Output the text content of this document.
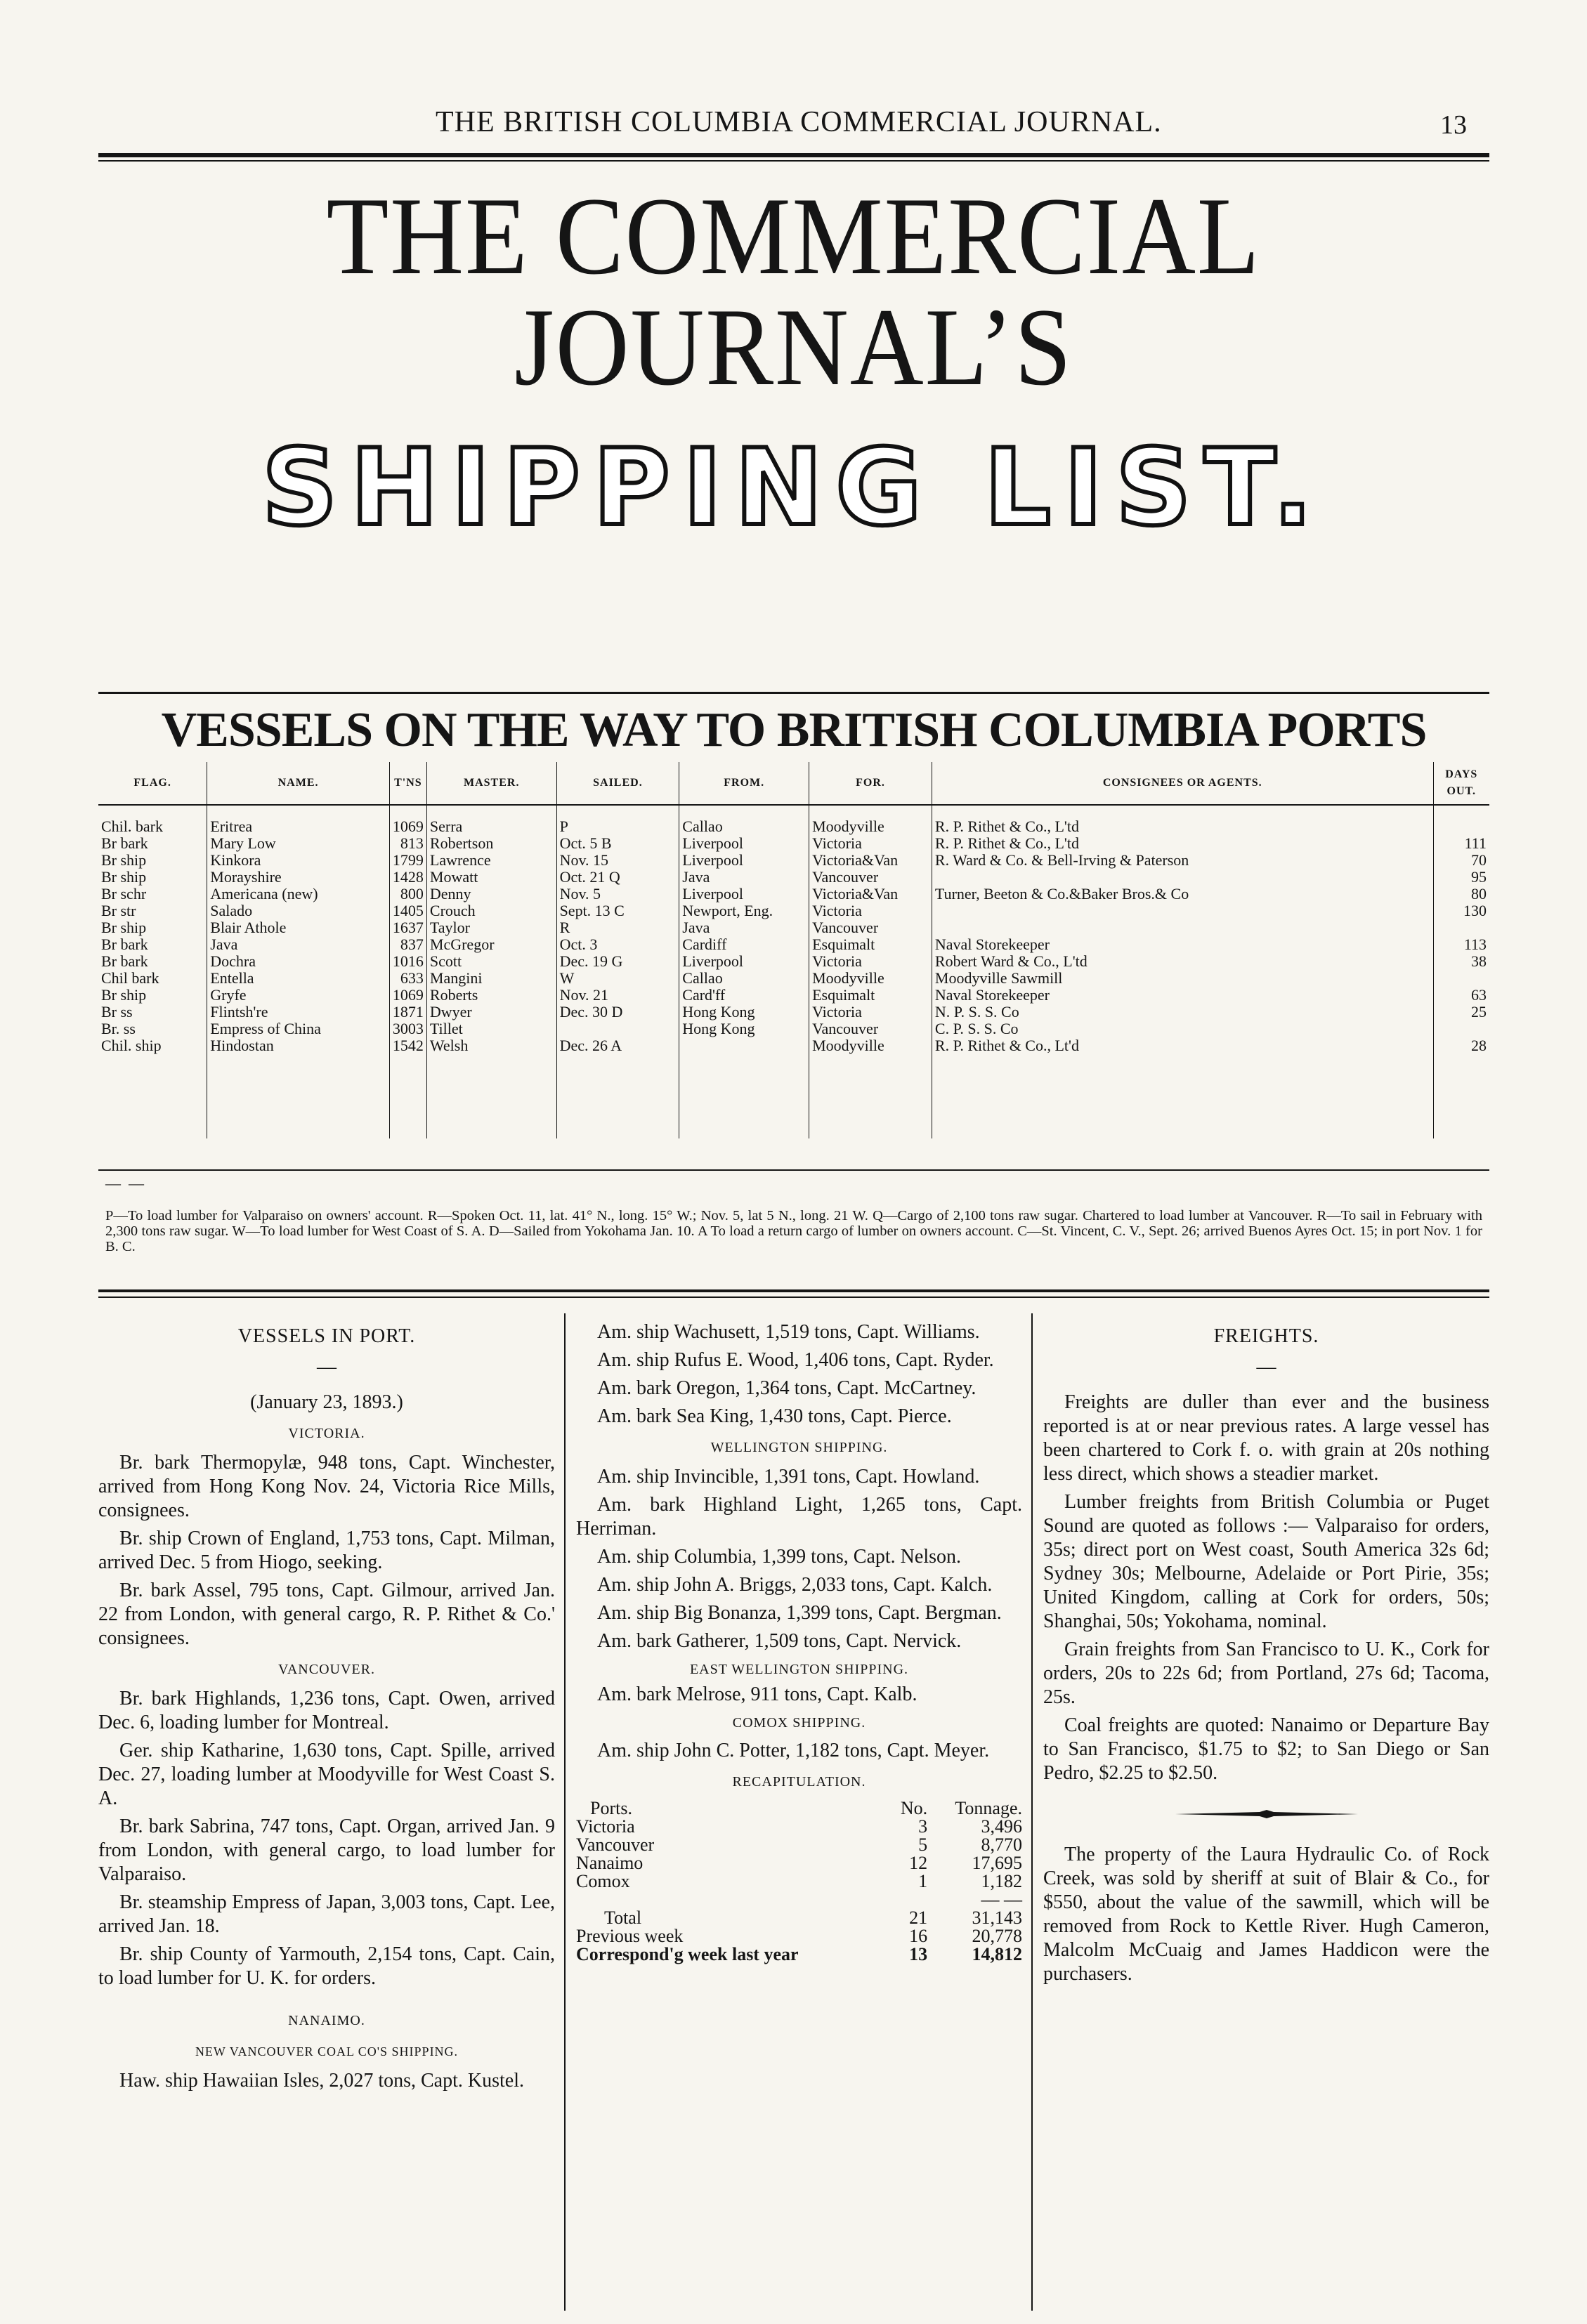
THE BRITISH COLUMBIA COMMERCIAL JOURNAL.	13
THE COMMERCIAL JOURNAL’S
SHIPPING LIST.
VESSELS ON THE WAY TO BRITISH COLUMBIA PORTS
FLAG.	NAME.	T'NS	MASTER.	SAILED.	FROM.	FOR.	CONSIGNEES OR AGENTS.	DAYS OUT.
Chil. bark	Eritrea	1069	Serra	P	Callao	Moodyville	R. P. Rithet & Co., L'td	
Br bark	Mary Low	813	Robertson	Oct. 5 B	Liverpool	Victoria	R. P. Rithet & Co., L'td	111
Br ship	Kinkora	1799	Lawrence	Nov. 15	Liverpool	Victoria&Van	R. Ward & Co. & Bell-Irving & Paterson	70
Br ship	Morayshire	1428	Mowatt	Oct. 21 Q	Java	Vancouver		95
Br schr	Americana (new)	800	Denny	Nov. 5	Liverpool	Victoria&Van	Turner, Beeton & Co.&Baker Bros.& Co	80
Br str	Salado	1405	Crouch	Sept. 13 C	Newport, Eng.	Victoria		130
Br ship	Blair Athole	1637	Taylor	R	Java	Vancouver		
Br bark	Java	837	McGregor	Oct. 3	Cardiff	Esquimalt	Naval Storekeeper	113
Br bark	Dochra	1016	Scott	Dec. 19 G	Liverpool	Victoria	Robert Ward & Co., L'td	38
Chil bark	Entella	633	Mangini	W	Callao	Moodyville	Moodyville Sawmill	
Br ship	Gryfe	1069	Roberts	Nov. 21	Card'ff	Esquimalt	Naval Storekeeper	63
Br ss	Flintsh're	1871	Dwyer	Dec. 30 D	Hong Kong	Victoria	N. P. S. S. Co	25
Br. ss	Empress of China	3003	Tillet		Hong Kong	Vancouver	C. P. S. S. Co	
Chil. ship	Hindostan	1542	Welsh	Dec. 26 A		Moodyville	R. P. Rithet & Co., Lt'd	28

—  —
P—To load lumber for Valparaiso on owners' account. R—Spoken Oct. 11, lat. 41° N., long. 15° W.; Nov. 5, lat 5 N., long. 21 W. Q—Cargo of 2,100 tons raw sugar. Chartered to load lumber at Vancouver. R—To sail in February with 2,300 tons raw sugar. W—To load lumber for West Coast of S. A. D—Sailed from Yokohama Jan. 10. A To load a return cargo of lumber on owners account. C—St. Vincent, C. V., Sept. 26; arrived Buenos Ayres Oct. 15; in port Nov. 1 for B. C.

VESSELS IN PORT.

—

(January 23, 1893.)

VICTORIA.

Br. bark Thermopylæ, 948 tons, Capt. Winchester, arrived from Hong Kong Nov. 24, Victoria Rice Mills, consignees.

Br. ship Crown of England, 1,753 tons, Capt. Milman, arrived Dec. 5 from Hiogo, seeking.

Br. bark Assel, 795 tons, Capt. Gilmour, arrived Jan. 22 from London, with general cargo, R. P. Rithet & Co.' consignees.

VANCOUVER.

Br. bark Highlands, 1,236 tons, Capt. Owen, arrived Dec. 6, loading lumber for Montreal.

Ger. ship Katharine, 1,630 tons, Capt. Spille, arrived Dec. 27, loading lumber at Moodyville for West Coast S. A.

Br. bark Sabrina, 747 tons, Capt. Organ, arrived Jan. 9 from London, with general cargo, to load lumber for Valparaiso.

Br. steamship Empress of Japan, 3,003 tons, Capt. Lee, arrived Jan. 18.

Br. ship County of Yarmouth, 2,154 tons, Capt. Cain, to load lumber for U. K. for orders.

NANAIMO.

NEW VANCOUVER COAL CO'S SHIPPING.

Haw. ship Hawaiian Isles, 2,027 tons, Capt. Kustel.

Am. ship Wachusett, 1,519 tons, Capt. Williams.

Am. ship Rufus E. Wood, 1,406 tons, Capt. Ryder.

Am. bark Oregon, 1,364 tons, Capt. McCartney.

Am. bark Sea King, 1,430 tons, Capt. Pierce.

WELLINGTON SHIPPING.

Am. ship Invincible, 1,391 tons, Capt. Howland.

Am. bark Highland Light, 1,265 tons, Capt. Herriman.

Am. ship Columbia, 1,399 tons, Capt. Nelson.

Am. ship John A. Briggs, 2,033 tons, Capt. Kalch.

Am. ship Big Bonanza, 1,399 tons, Capt. Bergman.

Am. bark Gatherer, 1,509 tons, Capt. Nervick.

EAST WELLINGTON SHIPPING.

Am. bark Melrose, 911 tons, Capt. Kalb.

COMOX SHIPPING.

Am. ship John C. Potter, 1,182 tons, Capt. Meyer.

RECAPITULATION.

Ports.	No.	Tonnage.
Victoria	3	3,496
Vancouver	5	8,770
Nanaimo	12	17,695
Comox	1	1,182
	— —	
Total	21	31,143
Previous week	16	20,778
Correspond'g week last year	13	14,812

FREIGHTS.

—

Freights are duller than ever and the business reported is at or near previous rates. A large vessel has been chartered to Cork f. o. with grain at 20s nothing less direct, which shows a steadier market.

Lumber freights from British Columbia or Puget Sound are quoted as follows :— Valparaiso for orders, 35s; direct port on West coast, South America 32s 6d; Sydney 30s; Melbourne, Adelaide or Port Pirie, 35s; United Kingdom, calling at Cork for orders, 50s; Shanghai, 50s; Yokohama, nominal.

Grain freights from San Francisco to U. K., Cork for orders, 20s to 22s 6d; from Portland, 27s 6d; Tacoma, 25s.

Coal freights are quoted: Nanaimo or Departure Bay to San Francisco, $1.75 to $2; to San Diego or San Pedro, $2.25 to $2.50.

The property of the Laura Hydraulic Co. of Rock Creek, was sold by sheriff at suit of Blair & Co., for $550, about the value of the sawmill, which will be removed from Rock to Kettle River. Hugh Cameron, Malcolm McCuaig and James Haddicon were the purchasers.
